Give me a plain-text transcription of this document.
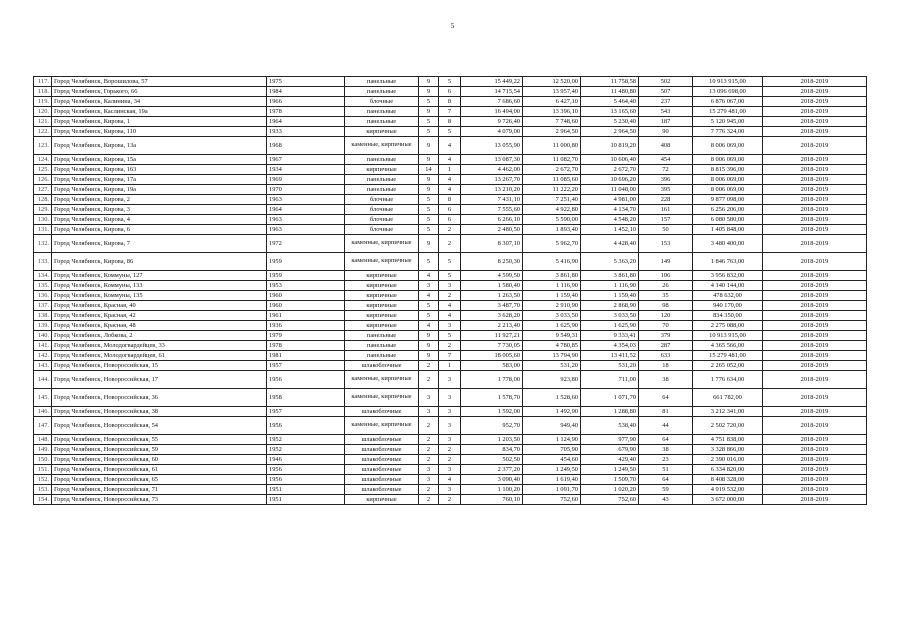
5
117.	Город Челябинск, Ворошилова, 57	1975	панельные	9	5	15 449,22	12 520,00	11 758,58	502	10 913 915,00	2018-2019
118.	Город Челябинск, Горького, 66	1984	панельные	9	6	14 715,54	13 957,40	11 480,80	507	13 096 698,00	2018-2019
119.	Город Челябинск, Калинина, 34	1966	блочные	5	8	7 686,60	6 427,10	5 464,40	237	6 876 067,00	2018-2019
120.	Город Челябинск, Каслинская, 19а	1978	панельные	9	7	16 494,00	13 396,10	13 165,60	543	15 279 481,00	2018-2019
121.	Город Челябинск, Кирова, 1	1964	панельные	5	8	9 726,40	7 748,60	5 230,40	187	5 120 945,00	2018-2019
122.	Город Челябинск, Кирова, 110	1933	кирпичные	5	5	4 079,00	2 964,50	2 964,50	90	7 776 324,00	2018-2019
123.	Город Челябинск, Кирова, 13а	1968	каменные, кирпичные	9	4	13 055,90	11 000,80	10 819,20	408	8 006 069,00	2018-2019
124.	Город Челябинск, Кирова, 15а	1967	панельные	9	4	13 087,30	11 082,70	10 606,40	454	8 006 069,00	2018-2019
125.	Город Челябинск, Кирова, 163	1934	кирпичные	14	1	4 462,00	2 672,70	2 672,70	72	8 815 396,00	2018-2019
126.	Город Челябинск, Кирова, 17а	1969	панельные	9	4	13 267,70	11 085,60	10 696,20	396	8 006 069,00	2018-2019
127.	Город Челябинск, Кирова, 19а	1970	панельные	9	4	13 210,20	11 222,20	11 048,00	395	8 006 069,00	2018-2019
128.	Город Челябинск, Кирова, 2	1963	блочные	5	8	7 431,10	7 251,40	4 981,00	228	9 877 098,00	2018-2019
129.	Город Челябинск, Кирова, 3	1964	блочные	5	6	7 555,60	4 922,80	4 134,70	161	6 256 206,00	2018-2019
130.	Город Челябинск, Кирова, 4	1963	блочные	5	6	6 266,10	5 590,00	4 548,20	157	6 080 580,00	2018-2019
131.	Город Челябинск, Кирова, 6	1963	блочные	5	2	2 480,50	1 893,40	1 452,10	50	1 405 848,00	2018-2019
132.	Город Челябинск, Кирова, 7	1972	каменные, кирпичные	9	2	8 307,10	5 962,70	4 428,40	153	3 480 400,00	2018-2019
133.	Город Челябинск, Кирова, 86	1959	каменные, кирпичные	5	5	8 250,30	5 416,90	5 363,20	149	1 846 763,00	2018-2019
134.	Город Челябинск, Коммуны, 127	1959	кирпичные	4	5	4 599,50	3 861,80	3 861,80	106	3 956 832,00	2018-2019
135.	Город Челябинск, Коммуны, 133	1953	кирпичные	3	3	1 580,40	1 116,90	1 116,90	26	4 140 144,00	2018-2019
136.	Город Челябинск, Коммуны, 135	1960	кирпичные	4	2	1 263,50	1 159,40	1 159,40	35	478 632,00	2018-2019
137.	Город Челябинск, Красная, 40	1960	кирпичные	5	4	3 487,70	2 910,90	2 868,90	98	940 170,00	2018-2019
138.	Город Челябинск, Красная, 42	1961	кирпичные	5	4	3 628,20	3 033,50	3 033,50	120	834 350,00	2018-2019
139.	Город Челябинск, Красная, 48	1936	кирпичные	4	3	2 213,40	1 625,90	1 625,90	70	2 275 088,00	2018-2019
140.	Город Челябинск, Лобкова, 2	1979	панельные	9	5	11 927,21	9 549,31	9 333,41	379	10 913 915,00	2018-2019
141.	Город Челябинск, Молодогвардейцев, 33	1978	панельные	9	2	7 730,05	4 780,85	4 354,03	287	4 365 566,00	2018-2019
142.	Город Челябинск, Молодогвардейцев, 61	1981	панельные	9	7	18 005,60	13 794,90	13 411,52	633	15 279 481,00	2018-2019
143.	Город Челябинск, Новороссийская, 15	1957	шлакоблочные	2	1	583,00	531,20	531,20	18	2 265 052,00	2018-2019
144.	Город Челябинск, Новороссийская, 17	1956	каменные, кирпичные	2	3	1 778,00	923,80	711,00	38	1 776 634,00	2018-2019
145.	Город Челябинск, Новороссийская, 36	1958	каменные, кирпичные	3	3	1 578,70	1 528,60	1 071,70	64	661 782,00	2018-2019
146.	Город Челябинск, Новороссийская, 38	1957	шлакоблочные	3	3	1 592,00	1 492,90	1 288,80	81	3 212 341,00	2018-2019
147.	Город Челябинск, Новороссийская, 54	1956	каменные, кирпичные	2	3	952,70	949,40	538,40	44	2 502 720,00	2018-2019
148.	Город Челябинск, Новороссийская, 55	1952	шлакоблочные	2	3	1 203,50	1 124,90	977,90	64	4 751 838,00	2018-2019
149.	Город Челябинск, Новороссийская, 59	1952	шлакоблочные	2	2	834,70	705,90	679,90	38	3 328 866,00	2018-2019
150.	Город Челябинск, Новороссийская, 60	1946	шлакоблочные	2	2	502,50	454,60	429,40	23	2 390 016,00	2018-2019
151.	Город Челябинск, Новороссийская, 61	1956	шлакоблочные	3	3	2 377,20	1 249,50	1 249,50	51	6 334 820,00	2018-2019
152.	Город Челябинск, Новороссийская, 65	1956	шлакоблочные	3	4	3 090,40	1 619,40	1 509,70	64	8 408 328,00	2018-2019
153.	Город Челябинск, Новороссийская, 71	1951	шлакоблочные	2	3	1 100,20	1 091,70	1 020,20	59	4 919 532,00	2018-2019
154.	Город Челябинск, Новороссийская, 73	1951	кирпичные	2	2	760,10	752,60	752,60	43	3 672 000,00	2018-2019
